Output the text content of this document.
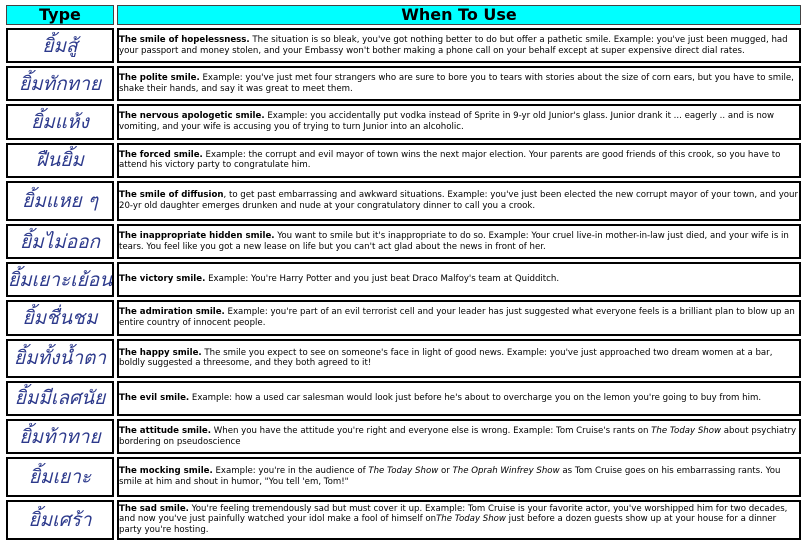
Type	When To Use
ยิ้มสู้	The smile of hopelessness. The situation is so bleak, you've got nothing better to do but offer a pathetic smile. Example: you've just been mugged, had your passport and money stolen, and your Embassy won't bother making a phone call on your behalf except at super expensive direct dial rates.
ยิ้มทักทาย	The polite smile. Example: you've just met four strangers who are sure to bore you to tears with stories about the size of corn ears, but you have to smile, shake their hands, and say it was great to meet them.
ยิ้มแห้ง	The nervous apologetic smile. Example: you accidentally put vodka instead of Sprite in 9-yr old Junior's glass. Junior drank it ... eagerly .. and is now vomiting, and your wife is accusing you of trying to turn Junior into an alcoholic.
ฝืนยิ้ม	The forced smile. Example: the corrupt and evil mayor of town wins the next major election. Your parents are good friends of this crook, so you have to attend his victory party to congratulate him.
ยิ้มแหย ๆ	The smile of diffusion, to get past embarrassing and awkward situations. Example: you've just been elected the new corrupt mayor of your town, and your 20-yr old daughter emerges drunken and nude at your congratulatory dinner to call you a crook.
ยิ้มไม่ออก	The inappropriate hidden smile. You want to smile but it's inappropriate to do so. Example: Your cruel live-in mother-in-law just died, and your wife is in tears. You feel like you got a new lease on life but you can't act glad about the news in front of her.
ยิ้มเยาะเย้อน	The victory smile. Example: You're Harry Potter and you just beat Draco Malfoy's team at Quidditch.
ยิ้มชื่นชม	The admiration smile. Example: you're part of an evil terrorist cell and your leader has just suggested what everyone feels is a brilliant plan to blow up an entire country of innocent people.
ยิ้มทั้งน้ำตา	The happy smile. The smile you expect to see on someone's face in light of good news. Example: you've just approached two dream women at a bar, boldly suggested a threesome, and they both agreed to it!
ยิ้มมีเลศนัย	The evil smile. Example: how a used car salesman would look just before he's about to overcharge you on the lemon you're going to buy from him.
ยิ้มท้าทาย	The attitude smile. When you have the attitude you're right and everyone else is wrong. Example: Tom Cruise's rants on The Today Show about psychiatry bordering on pseudoscience
ยิ้มเยาะ	The mocking smile. Example: you're in the audience of The Today Show or The Oprah Winfrey Show as Tom Cruise goes on his embarrassing rants. You smile at him and shout in humor, "You tell 'em, Tom!"
ยิ้มเศร้า	The sad smile. You're feeling tremendously sad but must cover it up. Example: Tom Cruise is your favorite actor, you've worshipped him for two decades, and now you've just painfully watched your idol make a fool of himself onThe Today Show just before a dozen guests show up at your house for a dinner party you're hosting.
